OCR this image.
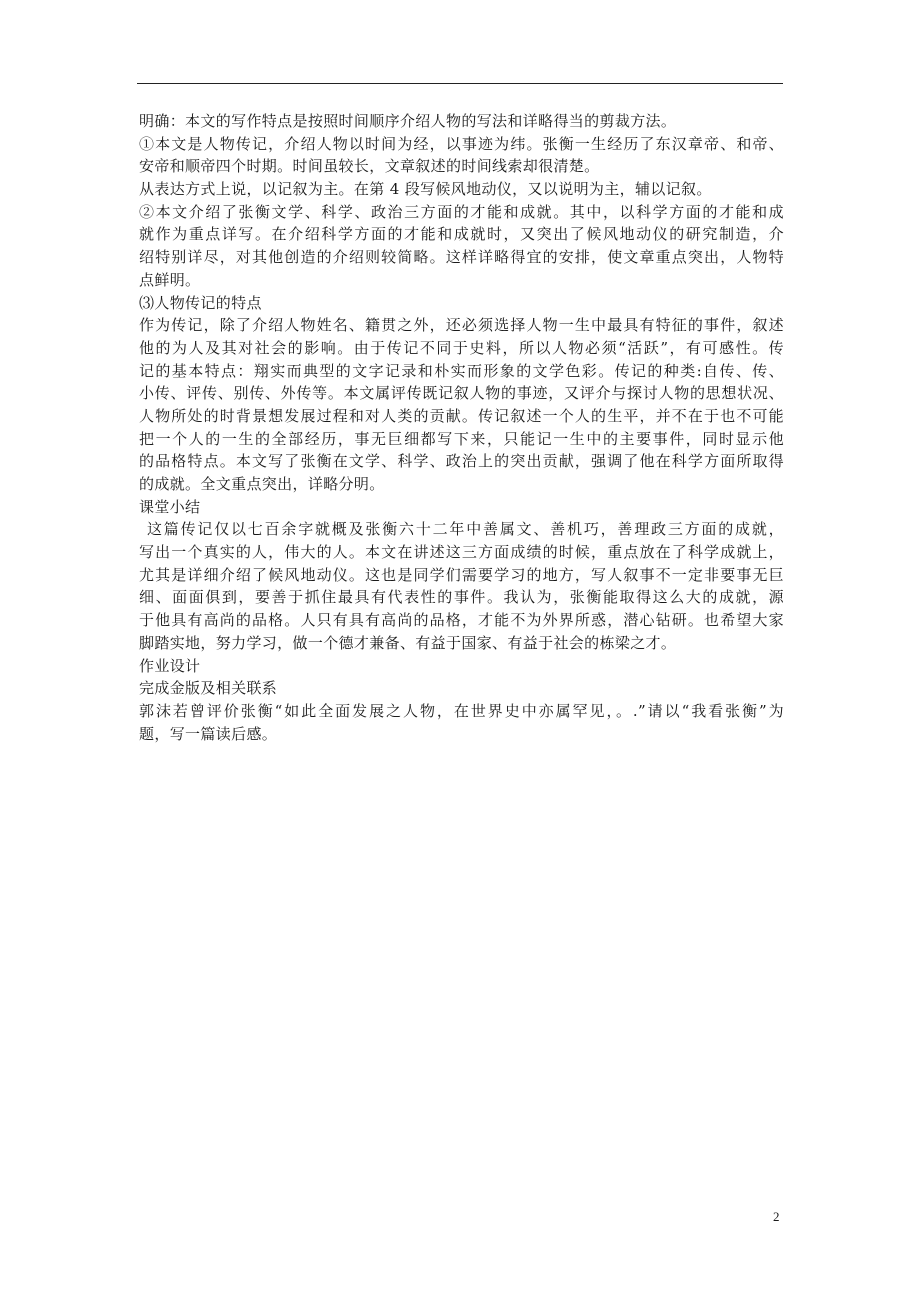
明确：本文的写作特点是按照时间顺序介绍人物的写法和详略得当的剪裁方法。
①本文是人物传记，介绍人物以时间为经，以事迹为纬。张衡一生经历了东汉章帝、和帝、
安帝和顺帝四个时期。时间虽较长，文章叙述的时间线索却很清楚。
从表达方式上说，以记叙为主。在第 4 段写候风地动仪，又以说明为主，辅以记叙。
②本文介绍了张衡文学、科学、政治三方面的才能和成就。其中，以科学方面的才能和成
就作为重点详写。在介绍科学方面的才能和成就时，又突出了候风地动仪的研究制造，介
绍特别详尽，对其他创造的介绍则较简略。这样详略得宜的安排，使文章重点突出，人物特
点鲜明。
⑶人物传记的特点
作为传记，除了介绍人物姓名、籍贯之外，还必须选择人物一生中最具有特征的事件，叙述
他的为人及其对社会的影响。由于传记不同于史料，所以人物必须“活跃”，有可感性。传
记的基本特点：翔实而典型的文字记录和朴实而形象的文学色彩。传记的种类:自传、传、
小传、评传、别传、外传等。本文属评传既记叙人物的事迹，又评介与探讨人物的思想状况、
人物所处的时背景想发展过程和对人类的贡献。传记叙述一个人的生平，并不在于也不可能
把一个人的一生的全部经历，事无巨细都写下来，只能记一生中的主要事件，同时显示他
的品格特点。本文写了张衡在文学、科学、政治上的突出贡献，强调了他在科学方面所取得
的成就。全文重点突出，详略分明。
课堂小结
这篇传记仅以七百余字就概及张衡六十二年中善属文、善机巧，善理政三方面的成就，
写出一个真实的人，伟大的人。本文在讲述这三方面成绩的时候，重点放在了科学成就上，
尤其是详细介绍了候风地动仪。这也是同学们需要学习的地方，写人叙事不一定非要事无巨
细、面面俱到，要善于抓住最具有代表性的事件。我认为，张衡能取得这么大的成就，源
于他具有高尚的品格。人只有具有高尚的品格，才能不为外界所惑，潜心钻研。也希望大家
脚踏实地，努力学习，做一个德才兼备、有益于国家、有益于社会的栋梁之才。
作业设计
完成金版及相关联系
郭沫若曾评价张衡“如此全面发展之人物，在世界史中亦属罕见，。.”请以“我看张衡”为
题，写一篇读后感。
2
